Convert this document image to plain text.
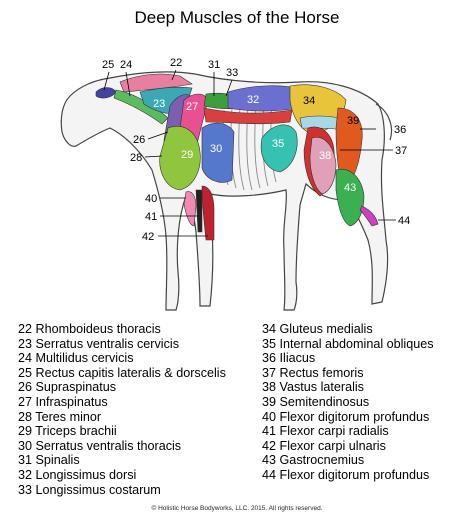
Deep Muscles of the Horse
23 27
32
29 30	35
38
43
34
39
25 24	22 31
33
26
28
36
37
40
41
42
44
22 Rhomboideus thoracis
23 Serratus ventralis cervicis
24 Multilidus cervicis
25 Rectus capitis lateralis & dorscelis
26 Supraspinatus
27 Infraspinatus
28 Teres minor
29 Triceps brachii
30 Serratus ventralis thoracis
31 Spinalis
32 Longissimus dorsi
33 Longissimus costarum
34 Gluteus medialis
35 Internal abdominal obliques
36 Iliacus
37 Rectus femoris
38 Vastus lateralis
39 Semitendinosus
40 Flexor digitorum profundus
41 Flexor carpi radialis
42 Flexor carpi ulnaris
43 Gastrocnemius
44 Flexor digitorum profundus
© Holistic Horse Bodyworks, LLC. 2015. All rights reserved.
